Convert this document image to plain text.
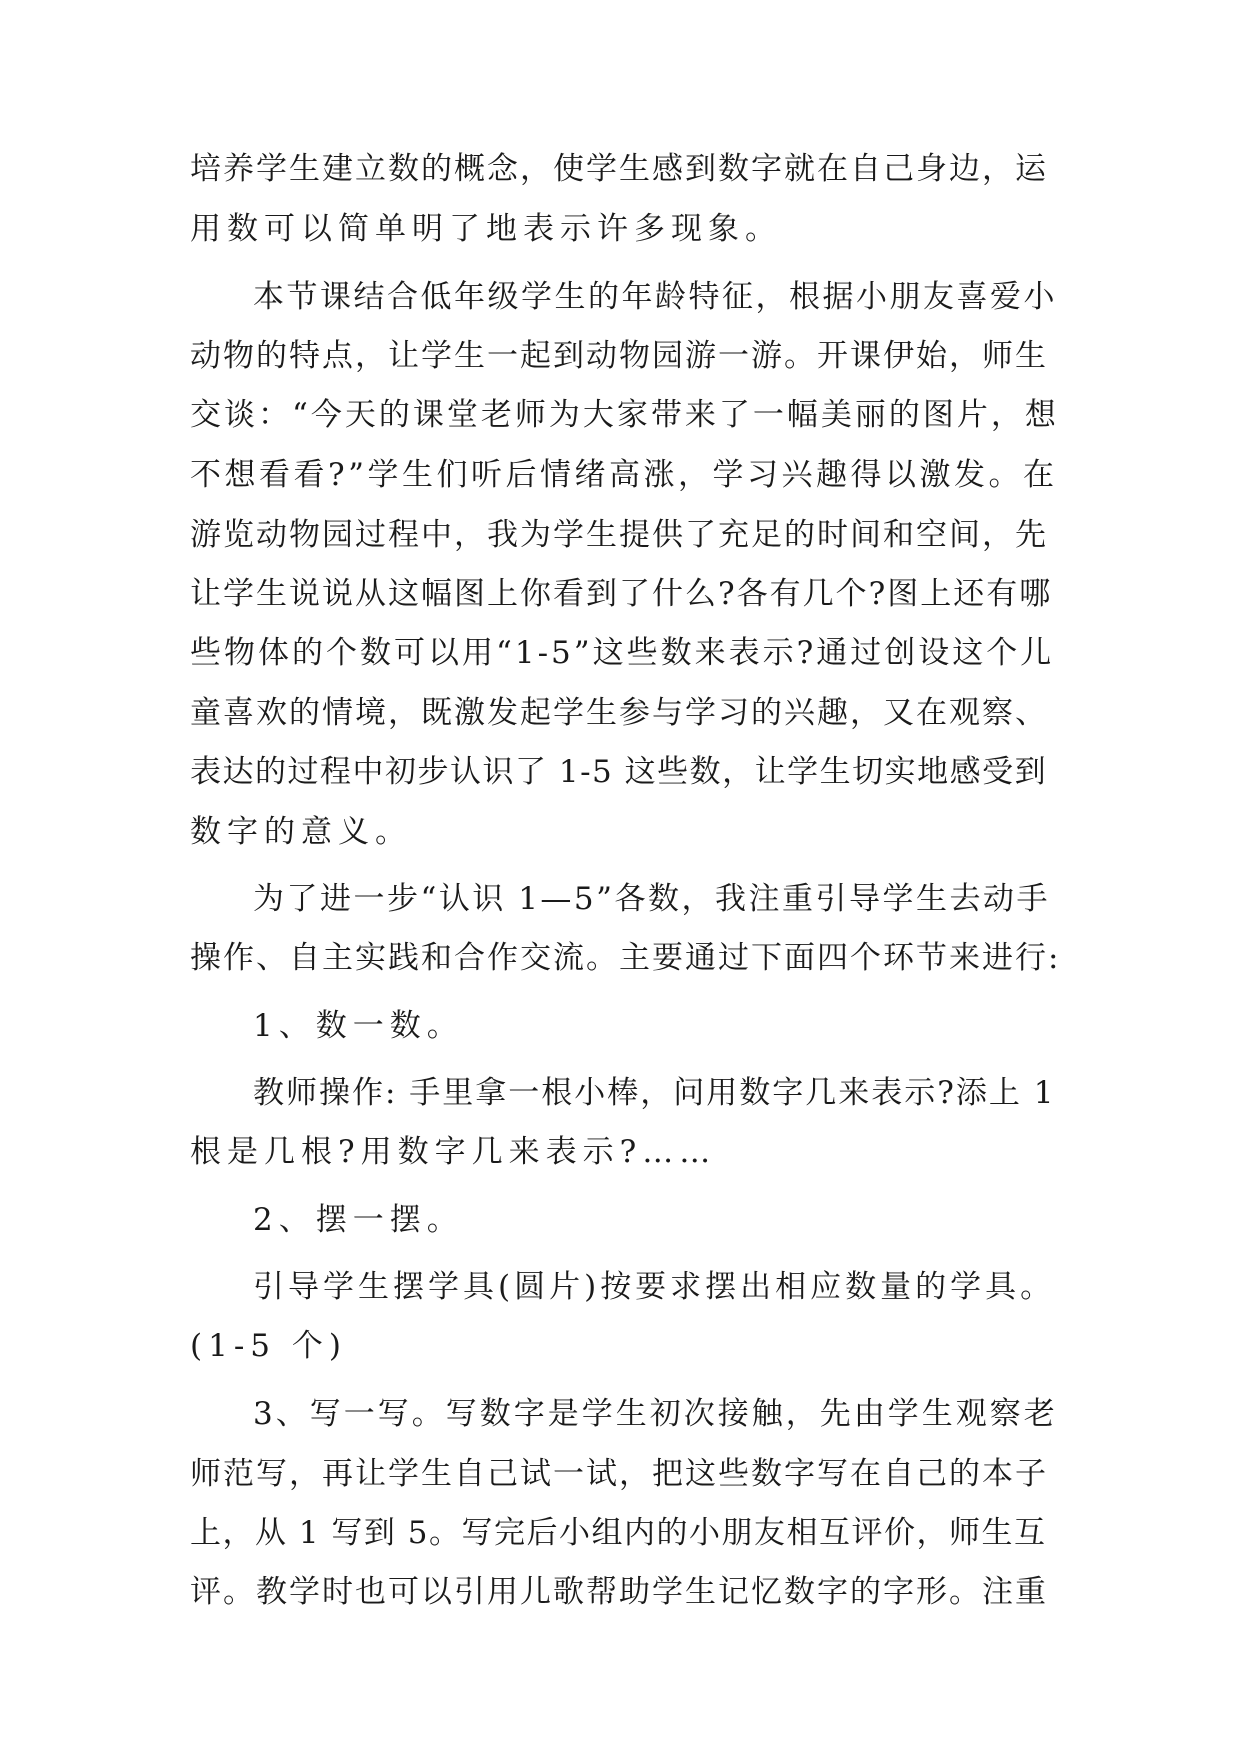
培养学生建立数的概念，使学生感到数字就在自己身边，运
用数可以简单明了地表示许多现象。
本节课结合低年级学生的年龄特征，根据小朋友喜爱小
动物的特点，让学生一起到动物园游一游。开课伊始，师生
交谈：“今天的课堂老师为大家带来了一幅美丽的图片，想
不想看看?”学生们听后情绪高涨，学习兴趣得以激发。在
游览动物园过程中，我为学生提供了充足的时间和空间，先
让学生说说从这幅图上你看到了什么?各有几个?图上还有哪
些物体的个数可以用“1-5”这些数来表示?通过创设这个儿
童喜欢的情境，既激发起学生参与学习的兴趣，又在观察、
表达的过程中初步认识了 1-5 这些数，让学生切实地感受到
数字的意义。
为了进一步“认识 1—5”各数，我注重引导学生去动手
操作、自主实践和合作交流。主要通过下面四个环节来进行:
1、数一数。
教师操作: 手里拿一根小棒，问用数字几来表示?添上 1
根是几根?用数字几来表示?……
2、摆一摆。
引导学生摆学具(圆片)按要求摆出相应数量的学具。
(1-5 个)
3、写一写。写数字是学生初次接触，先由学生观察老
师范写，再让学生自己试一试，把这些数字写在自己的本子
上，从 1 写到 5。写完后小组内的小朋友相互评价，师生互
评。教学时也可以引用儿歌帮助学生记忆数字的字形。注重
